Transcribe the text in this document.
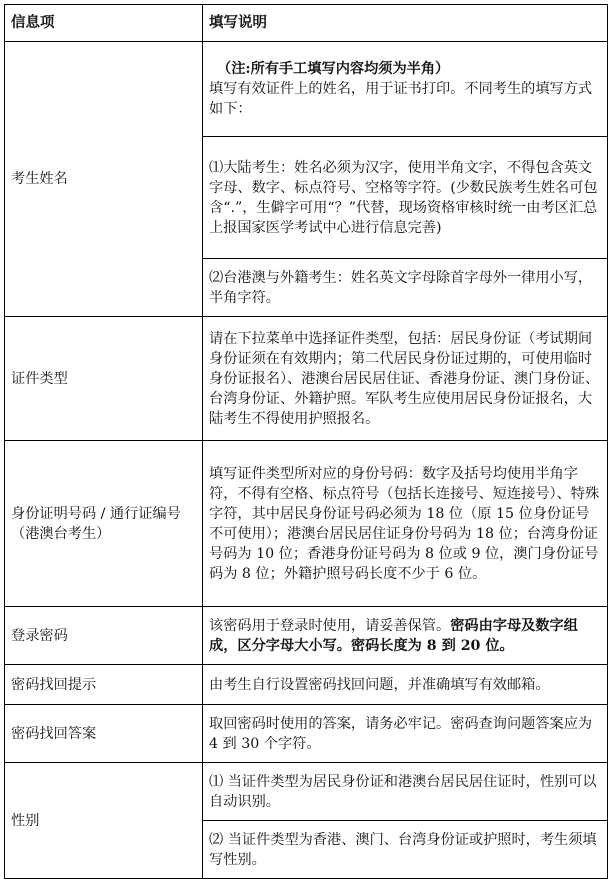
信息项	填写说明
考生姓名	（注:所有手工填写内容均须为半角）
填写有效证件上的姓名，用于证书打印。不同考生的填写方式如下：

	⑴大陆考生：姓名必须为汉字，使用半角文字，不得包含英文字母、数字、标点符号、空格等字符。(少数民族考生姓名可包含“.”，生僻字可用“？”代替，现场资格审核时统一由考区汇总上报国家医学考试中心进行信息完善)
	⑵台港澳与外籍考生：姓名英文字母除首字母外一律用小写，半角字符。
证件类型	请在下拉菜单中选择证件类型，包括：居民身份证（考试期间身份证须在有效期内；第二代居民身份证过期的，可使用临时身份证报名）、港澳台居民居住证、香港身份证、澳门身份证、台湾身份证、外籍护照。军队考生应使用居民身份证报名，大陆考生不得使用护照报名。
身份证明号码 / 通行证编号（港澳台考生）	填写证件类型所对应的身份号码：数字及括号均使用半角字符，不得有空格、标点符号（包括长连接号、短连接号）、特殊字符，其中居民身份证号码必须为 18 位（原 15 位身份证号不可使用）；港澳台居民居住证身份号码为 18 位；台湾身份证号码为 10 位；香港身份证号码为 8 位或 9 位，澳门身份证号码为 8 位；外籍护照号码长度不少于 6 位。
登录密码	该密码用于登录时使用，请妥善保管。密码由字母及数字组成，区分字母大小写。密码长度为 8 到 20 位。
密码找回提示	由考生自行设置密码找回问题，并准确填写有效邮箱。
密码找回答案	取回密码时使用的答案，请务必牢记。密码查询问题答案应为 4 到 30 个字符。
性别	⑴ 当证件类型为居民身份证和港澳台居民居住证时，性别可以自动识别。
	⑵ 当证件类型为香港、澳门、台湾身份证或护照时，考生须填写性别。
